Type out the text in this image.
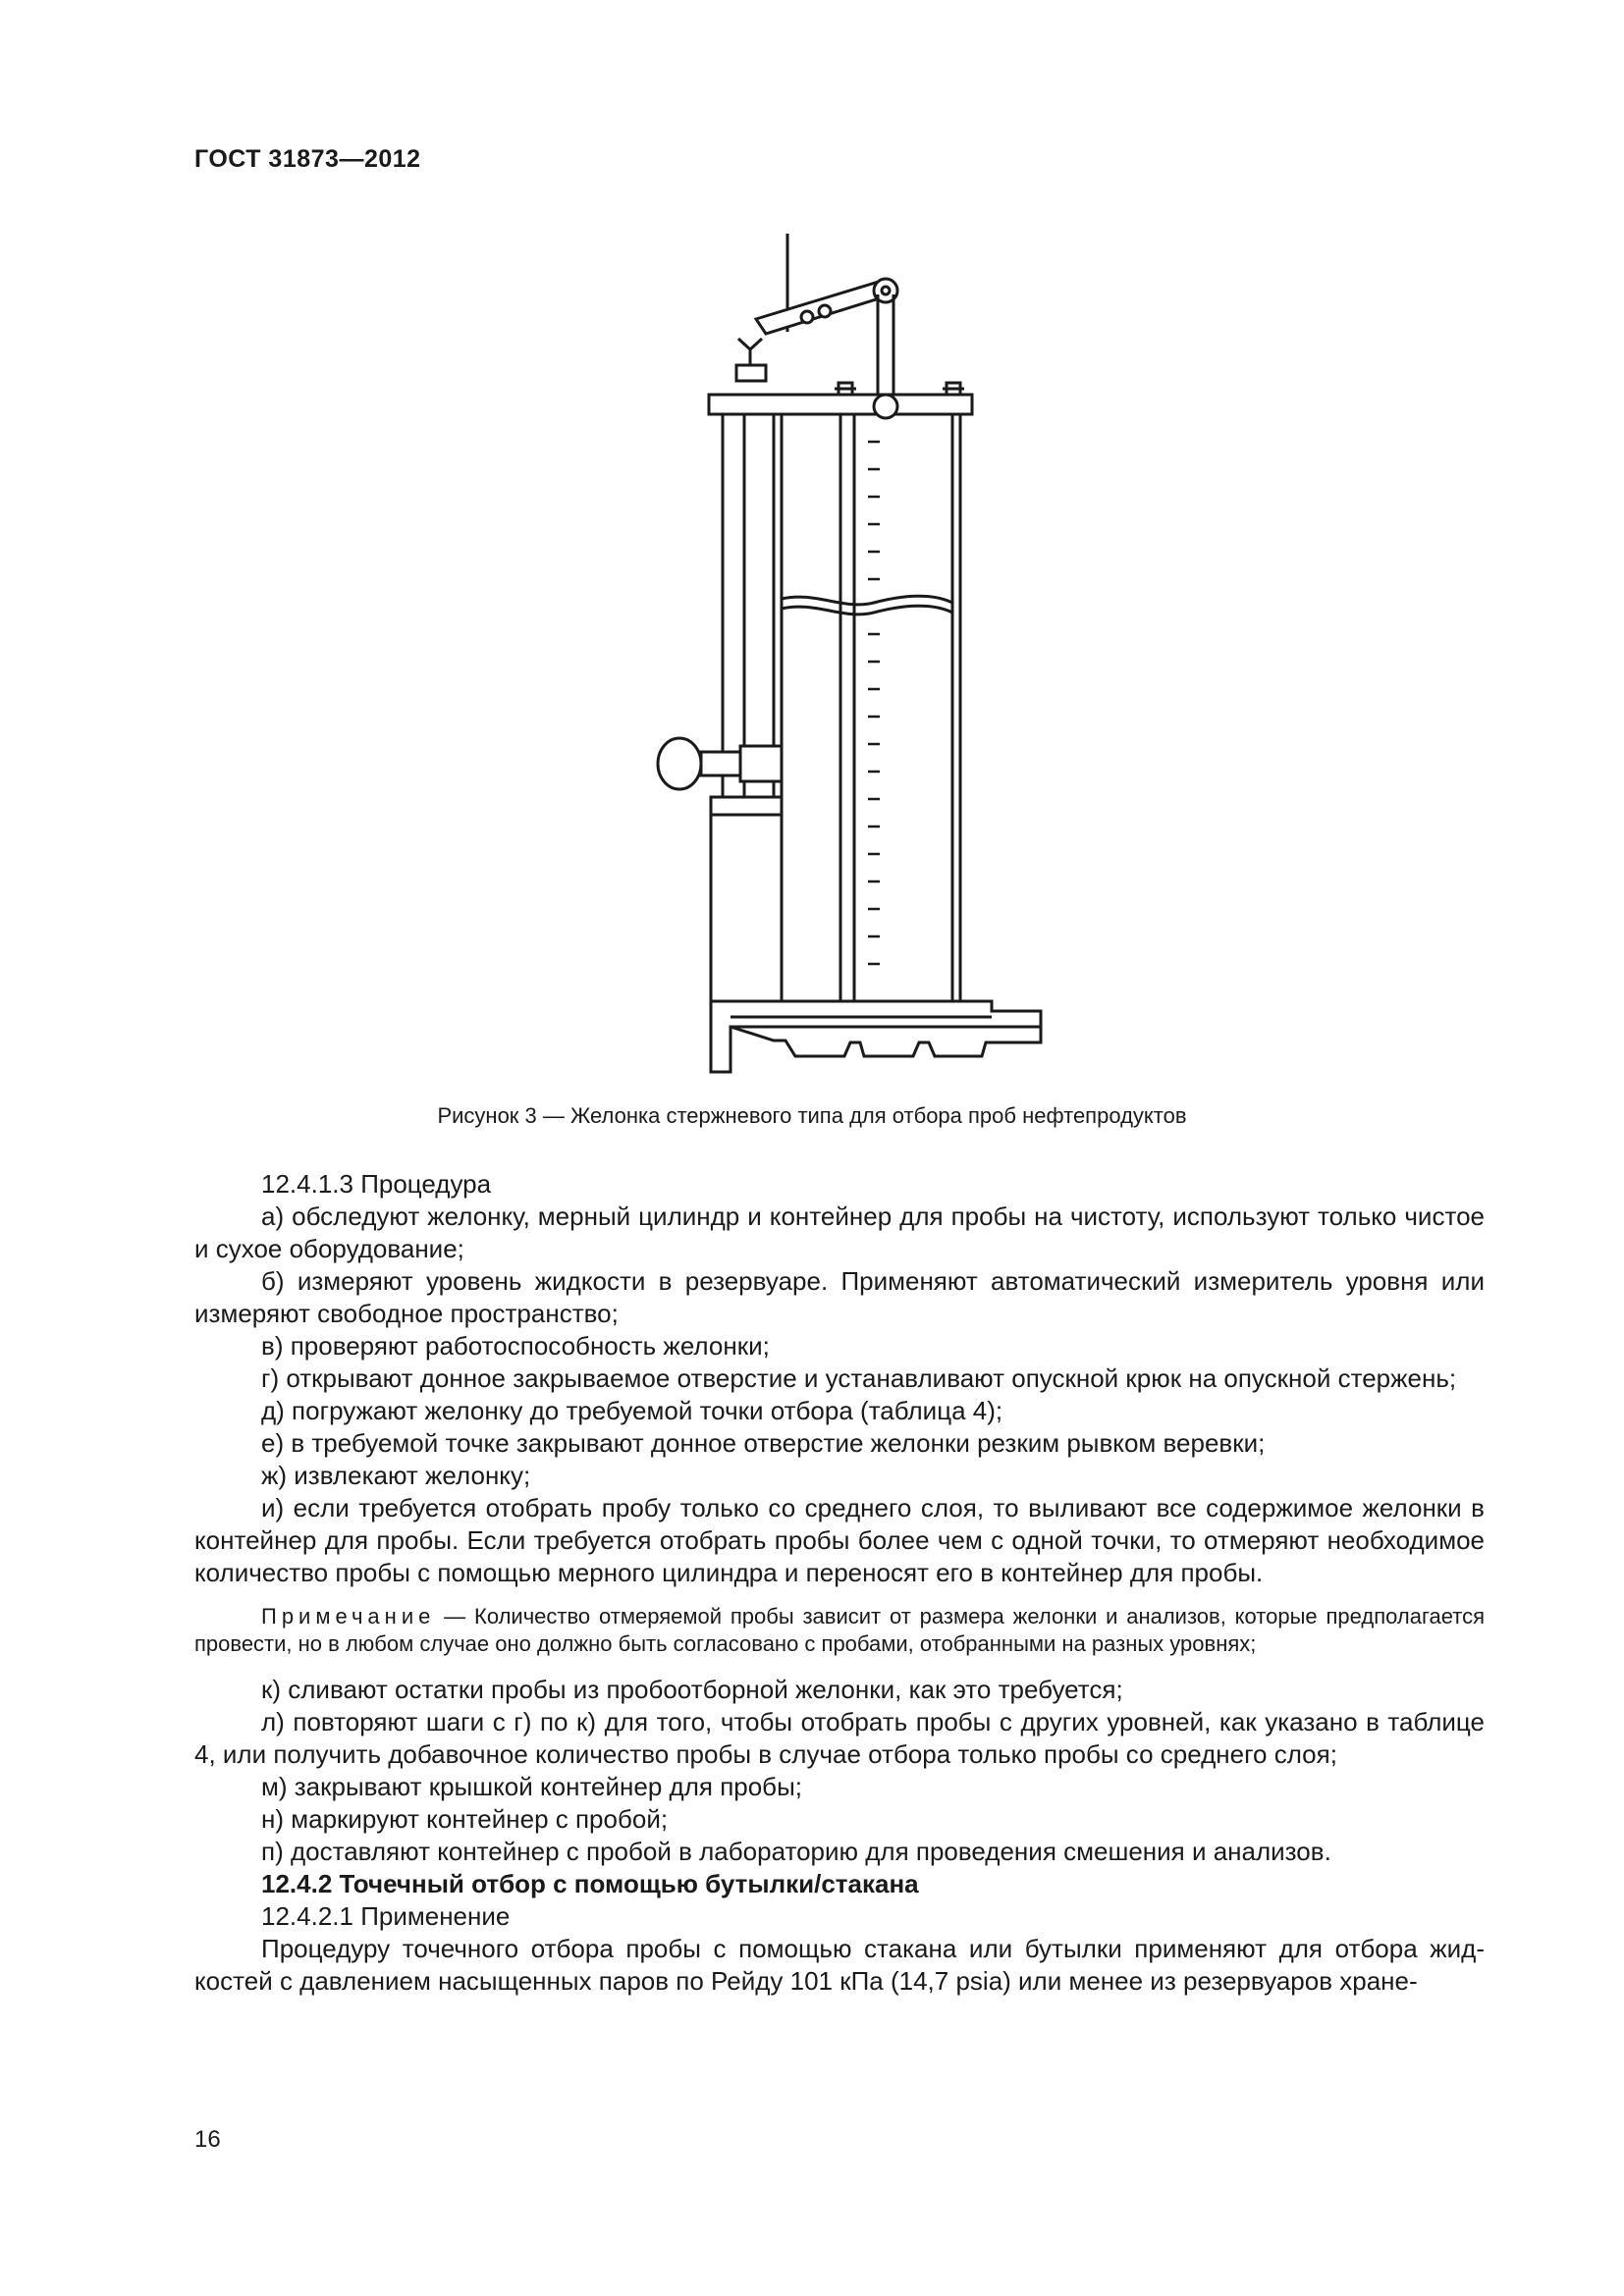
ГОСТ 31873—2012
Рисунок 3 — Желонка стержневого типа для отбора проб нефтепродуктов

12.4.1.3 Процедура

а) обследуют желонку, мерный цилиндр и контейнер для пробы на чистоту, используют только чистое и сухое оборудование;

б) измеряют уровень жидкости в резервуаре. Применяют автоматический измеритель уровня или измеряют свободное пространство;

в) проверяют работоспособность желонки;

г) открывают донное закрываемое отверстие и устанавливают опускной крюк на опускной стержень;

д) погружают желонку до требуемой точки отбора (таблица 4);

е) в требуемой точке закрывают донное отверстие желонки резким рывком веревки;

ж) извлекают желонку;

и) если требуется отобрать пробу только со среднего слоя, то выливают все содержимое желонки в контейнер для пробы. Если требуется отобрать пробы более чем с одной точки, то отмеряют необходимое количество пробы с помощью мерного цилиндра и переносят его в контейнер для пробы.

Примечание — Количество отмеряемой пробы зависит от размера желонки и анализов, которые предполагается провести, но в любом случае оно должно быть согласовано с пробами, отобранными на разных уровнях;

к) сливают остатки пробы из пробоотборной желонки, как это требуется;

л) повторяют шаги с г) по к) для того, чтобы отобрать пробы с других уровней, как указано в таблице 4, или получить добавочное количество пробы в случае отбора только пробы со среднего слоя;

м) закрывают крышкой контейнер для пробы;

н) маркируют контейнер с пробой;

п) доставляют контейнер с пробой в лабораторию для проведения смешения и анализов.

12.4.2 Точечный отбор с помощью бутылки/стакана

12.4.2.1 Применение

Процедуру точечного отбора пробы с помощью стакана или бутылки применяют для отбора жидкостей с давлением насыщенных паров по Рейду 101 кПа (14,7 psia) или менее из резервуаров хране-

16
